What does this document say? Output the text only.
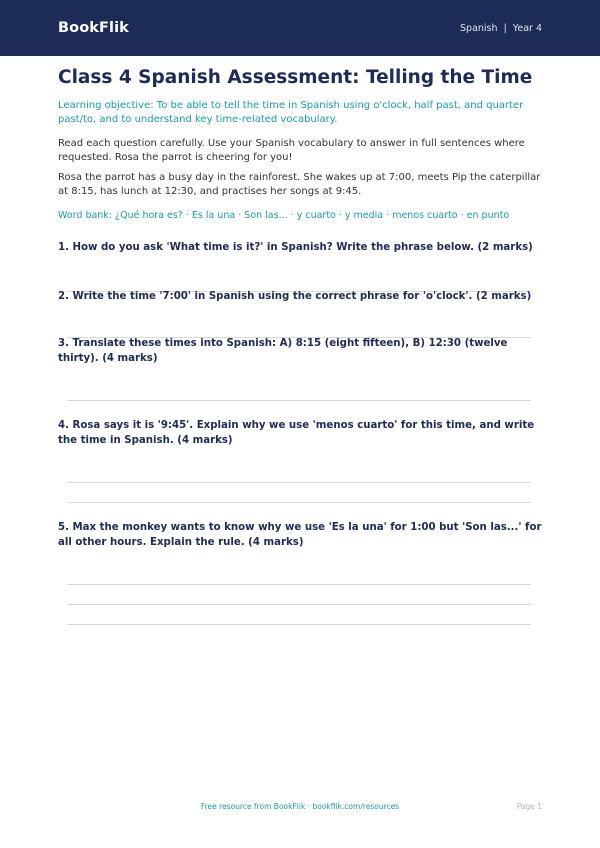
BookFlik	Spanish  |  Year 4
Class 4 Spanish Assessment: Telling the Time

Learning objective: To be able to tell the time in Spanish using o'clock, half past, and quarter past/to, and to understand key time-related vocabulary.

Read each question carefully. Use your Spanish vocabulary to answer in full sentences where requested. Rosa the parrot is cheering for you!

Rosa the parrot has a busy day in the rainforest. She wakes up at 7:00, meets Pip the caterpillar at 8:15, has lunch at 12:30, and practises her songs at 9:45.

Word bank: ¿Qué hora es? · Es la una · Son las... · y cuarto · y media · menos cuarto · en punto

1. How do you ask 'What time is it?' in Spanish? Write the phrase below. (2 marks)

2. Write the time '7:00' in Spanish using the correct phrase for 'o'clock'. (2 marks)

3. Translate these times into Spanish: A) 8:15 (eight fifteen), B) 12:30 (twelve thirty). (4 marks)

4. Rosa says it is '9:45'. Explain why we use 'menos cuarto' for this time, and write the time in Spanish. (4 marks)

5. Max the monkey wants to know why we use 'Es la una' for 1:00 but 'Son las...' for all other hours. Explain the rule. (4 marks)

Free resource from BookFlik · bookflik.com/resources	Page 1
